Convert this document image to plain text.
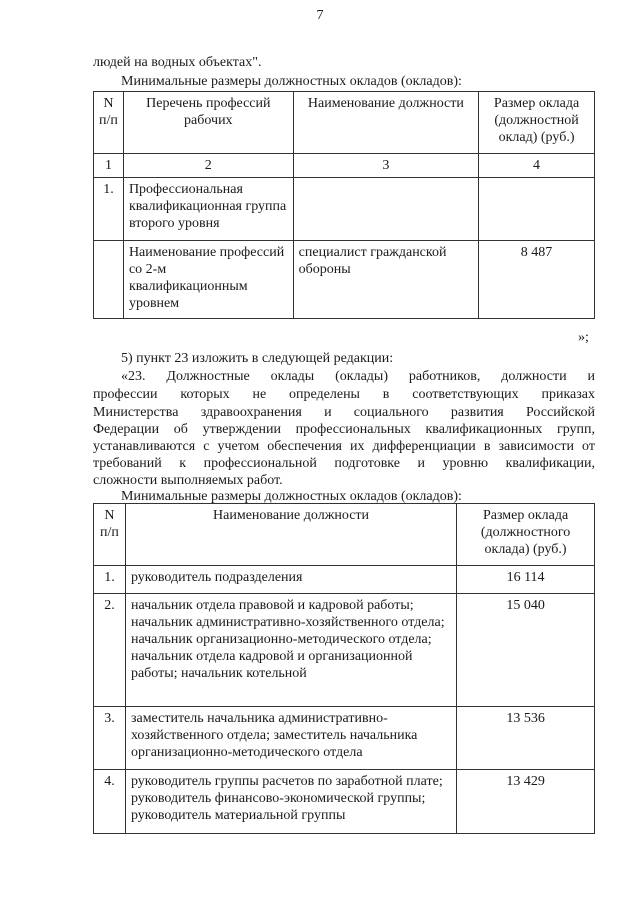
7
людей на водных объектах".
Минимальные размеры должностных окладов (окладов):
N п/п	Перечень профессий рабочих	Наименование должности	Размер оклада (должностной оклад) (руб.)
1	2	3	4
1.	Профессиональная квалификационная группа второго уровня		
	Наименование профессий со 2-м квалификационным уровнем	специалист гражданской обороны	8 487
»;
5) пункт 23 изложить в следующей редакции:
«23. Должностные оклады (оклады) работников, должности и
профессии которых не определены в соответствующих приказах
Министерства здравоохранения и социального развития Российской
Федерации об утверждении профессиональных квалификационных групп,
устанавливаются с учетом обеспечения их дифференциации в зависимости от
требований к профессиональной подготовке и уровню квалификации,
сложности выполняемых работ.
Минимальные размеры должностных окладов (окладов):
N п/п	Наименование должности	Размер оклада (должностного оклада) (руб.)
1.	руководитель подразделения	16 114
2.	начальник отдела правовой и кадровой работы; начальник административно-хозяйственного отдела; начальник организационно-методического отдела; начальник отдела кадровой и организационной работы; начальник котельной	15 040
3.	заместитель начальника административно-хозяйственного отдела; заместитель начальника организационно-методического отдела	13 536
4.	руководитель группы расчетов по заработной плате; руководитель финансово-экономической группы; руководитель материальной группы	13 429
